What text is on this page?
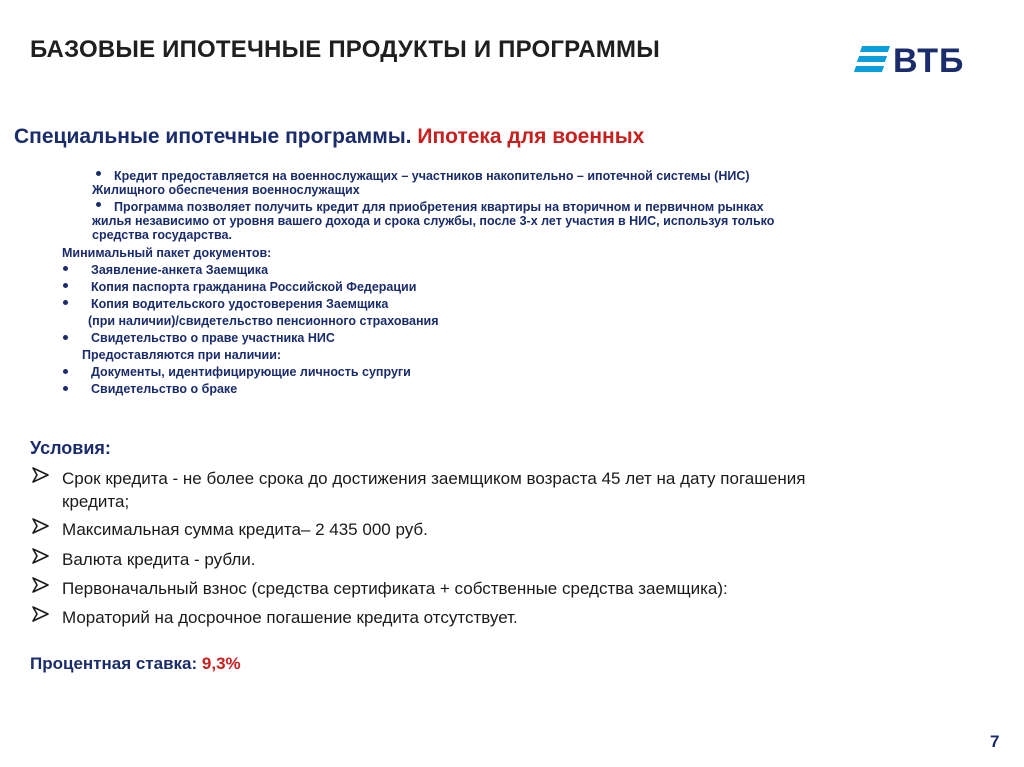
БАЗОВЫЕ ИПОТЕЧНЫЕ ПРОДУКТЫ И ПРОГРАММЫ	ВТБ
Специальные ипотечные программы. Ипотека для военных
Кредит предоставляется на военнослужащих – участников накопительно – ипотечной системы (НИС)
Жилищного обеспечения военнослужащих
Программа позволяет получить кредит для приобретения квартиры на вторичном и первичном рынках
жилья независимо от уровня вашего дохода и срока службы, после 3-х лет участия в НИС, используя только
средства государства.
Минимальный пакет документов:
Заявление-анкета Заемщика
Копия паспорта гражданина Российской Федерации
Копия водительского удостоверения Заемщика
(при наличии)/свидетельство пенсионного страхования
Свидетельство о праве участника НИС
Предоставляются при наличии:
Документы, идентифицирующие личность супруги
Свидетельство о браке
Условия:
Срок кредита - не более срока до достижения заемщиком возраста 45 лет на дату погашения
кредита;
Максимальная сумма кредита– 2 435 000 руб.
Валюта кредита - рубли.
Первоначальный взнос (средства сертификата + собственные средства заемщика):
Мораторий на досрочное погашение кредита отсутствует.
Процентная ставка: 9,3%
7
